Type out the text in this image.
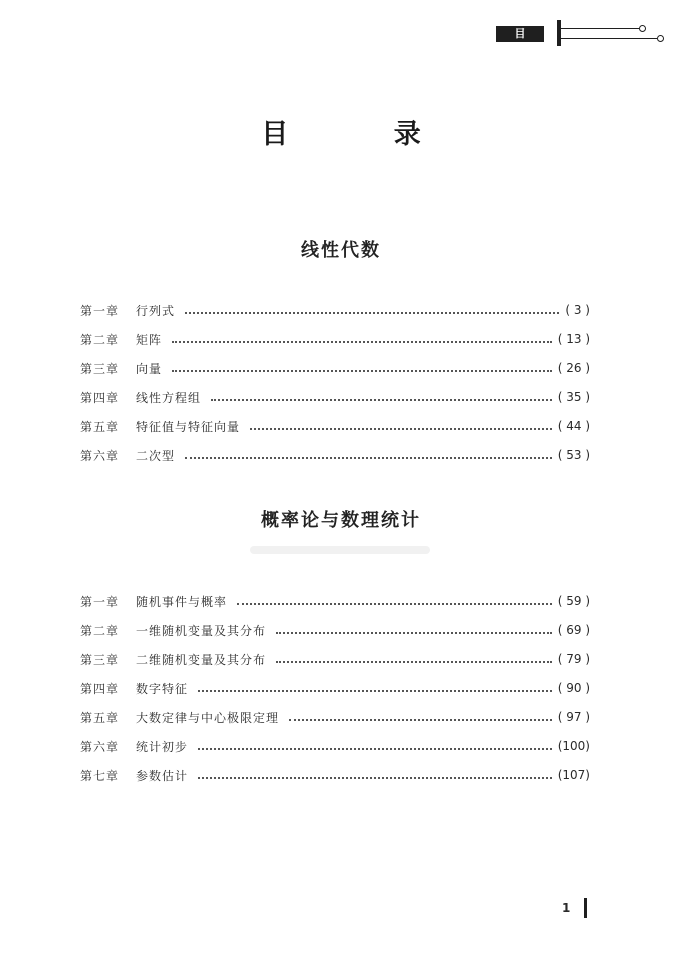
目 录
目 录
线性代数
第一章	行列式	( 3 )
第二章	矩阵	( 13 )
第三章	向量	( 26 )
第四章	线性方程组	( 35 )
第五章	特征值与特征向量	( 44 )
第六章	二次型	( 53 )
概率论与数理统计
第一章	随机事件与概率	( 59 )
第二章	一维随机变量及其分布	( 69 )
第三章	二维随机变量及其分布	( 79 )
第四章	数字特征	( 90 )
第五章	大数定律与中心极限定理	( 97 )
第六章	统计初步	(100)
第七章	参数估计	(107)
1
